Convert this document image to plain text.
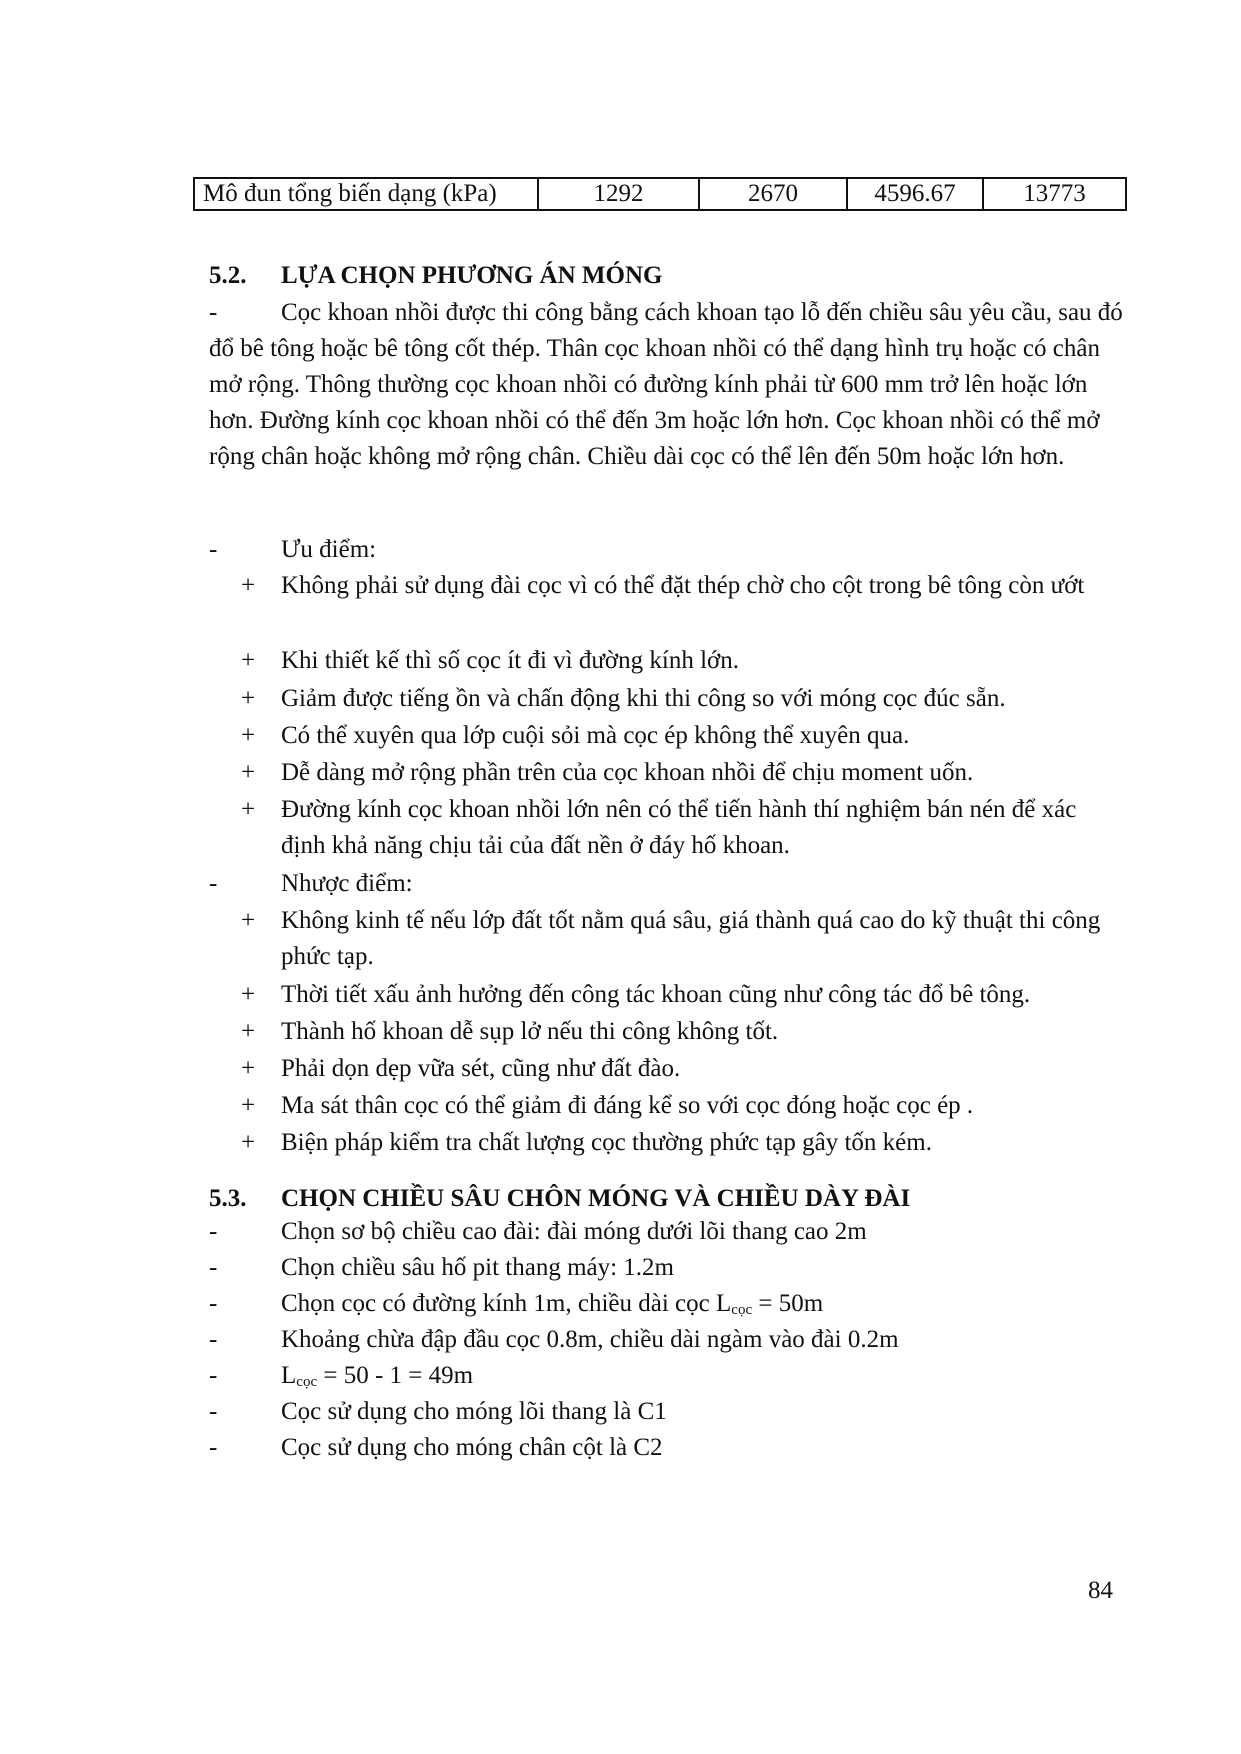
Mô đun tổng biến dạng (kPa)	1292	2670	4596.67	13773
5.2. LỰA CHỌN PHƯƠNG ÁN MÓNG
-	Cọc khoan nhồi được thi công bằng cách khoan tạo lỗ đến chiều sâu yêu cầu, sau đó đổ bê tông hoặc bê tông cốt thép. Thân cọc khoan nhồi có thể dạng hình trụ hoặc có chân mở rộng. Thông thường cọc khoan nhồi có đường kính phải từ 600 mm trở lên hoặc lớn hơn. Đường kính cọc khoan nhồi có thể đến 3m hoặc lớn hơn. Cọc khoan nhồi có thể mở rộng chân hoặc không mở rộng chân. Chiều dài cọc có thể lên đến 50m hoặc lớn hơn.
-	Ưu điểm:
+	Không phải sử dụng đài cọc vì có thể đặt thép chờ cho cột trong bê tông còn ướt
+	Khi thiết kế thì số cọc ít đi vì đường kính lớn.
+	Giảm được tiếng ồn và chấn động khi thi công so với móng cọc đúc sẵn.
+	Có thể xuyên qua lớp cuội sỏi mà cọc ép không thể xuyên qua.
+	Dễ dàng mở rộng phần trên của cọc khoan nhồi để chịu moment uốn.
+	Đường kính cọc khoan nhồi lớn nên có thể tiến hành thí nghiệm bán nén để xác định khả năng chịu tải của đất nền ở đáy hố khoan.
-	Nhược điểm:
+	Không kinh tế nếu lớp đất tốt nằm quá sâu, giá thành quá cao do kỹ thuật thi công phức tạp.
+	Thời tiết xấu ảnh hưởng đến công tác khoan cũng như công tác đổ bê tông.
+	Thành hố khoan dễ sụp lở nếu thi công không tốt.
+	Phải dọn dẹp vữa sét, cũng như đất đào.
+	Ma sát thân cọc có thể giảm đi đáng kể so với cọc đóng hoặc cọc ép .
+	Biện pháp kiểm tra chất lượng cọc thường phức tạp gây tốn kém.
5.3. CHỌN CHIỀU SÂU CHÔN MÓNG VÀ CHIỀU DÀY ĐÀI
-	Chọn sơ bộ chiều cao đài: đài móng dưới lõi thang cao 2m
-	Chọn chiều sâu hố pit thang máy: 1.2m
-	Chọn cọc có đường kính 1m, chiều dài cọc $L_{cọc} = 50m$
-	Khoảng chừa đập đầu cọc 0.8m, chiều dài ngàm vào đài 0.2m
-	$L_{cọc} = 50 - 1 = 49m$
-	Cọc sử dụng cho móng lõi thang là C1
-	Cọc sử dụng cho móng chân cột là C2
84
